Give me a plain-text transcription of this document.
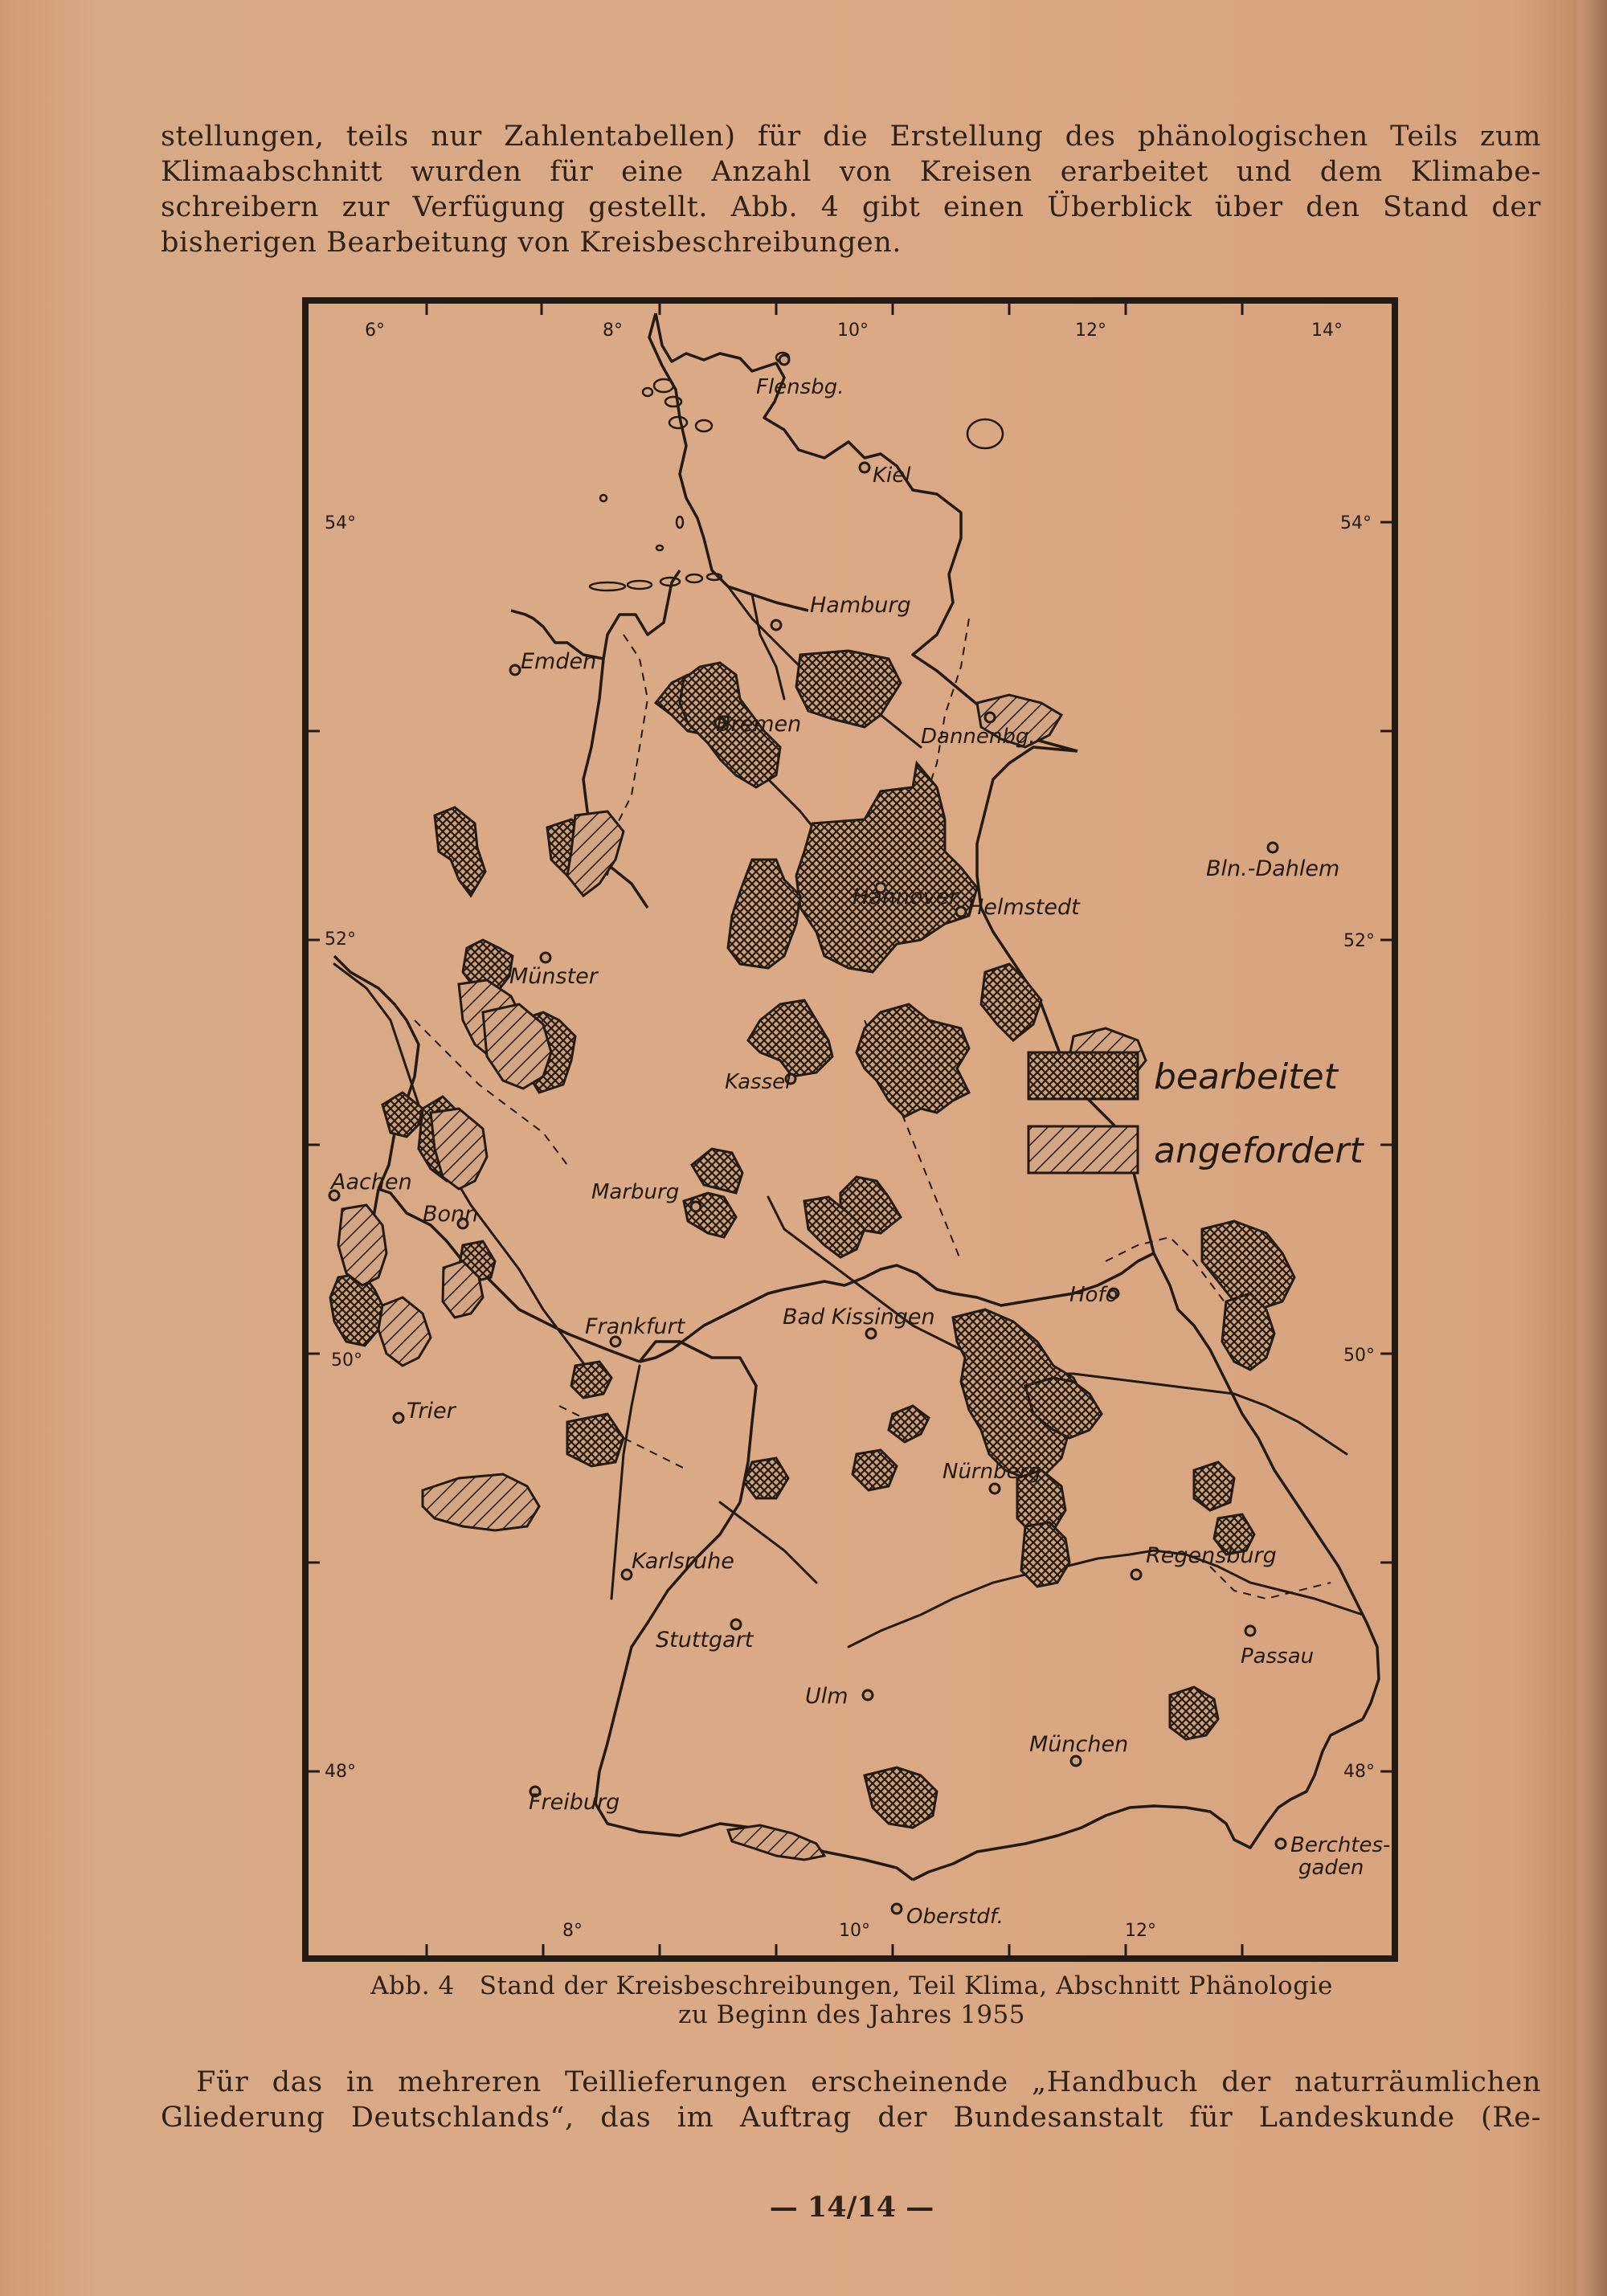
stellungen, teils nur Zahlentabellen) für die Erstellung des phänologischen Teils zum
Klimaabschnitt wurden für eine Anzahl von Kreisen erarbeitet und dem Klimabe-
schreibern zur Verfügung gestellt. Abb. 4 gibt einen Überblick über den Stand der
bisherigen Bearbeitung von Kreisbeschreibungen.
6°	8°	10°	12°	14°
54°
52°
50°
48°
54°
52°
50°
48°
8°	10°	12°
Flensbg.
Kiel
Hamburg
Emden
Bremen	Dannenbg.
Hannover Helmstedt
Bln.-Dahlem
Münster
Kassel
Aachen
Bonn
Marburg
Frankfurt	Bad Kissingen
Hofo
Trier
Nürnberg
Karlsruhe
Stuttgart
Regensburg
Passau
Ulm
München
Freiburg
Berchtes-
gaden
Oberstdf.
bearbeitet
angefordert
Abb. 4   Stand der Kreisbeschreibungen, Teil Klima, Abschnitt Phänologie
zu Beginn des Jahres 1955
Für das in mehreren Teillieferungen erscheinende „Handbuch der naturräumlichen
Gliederung Deutschlands“, das im Auftrag der Bundesanstalt für Landeskunde (Re-
— 14/14 —
